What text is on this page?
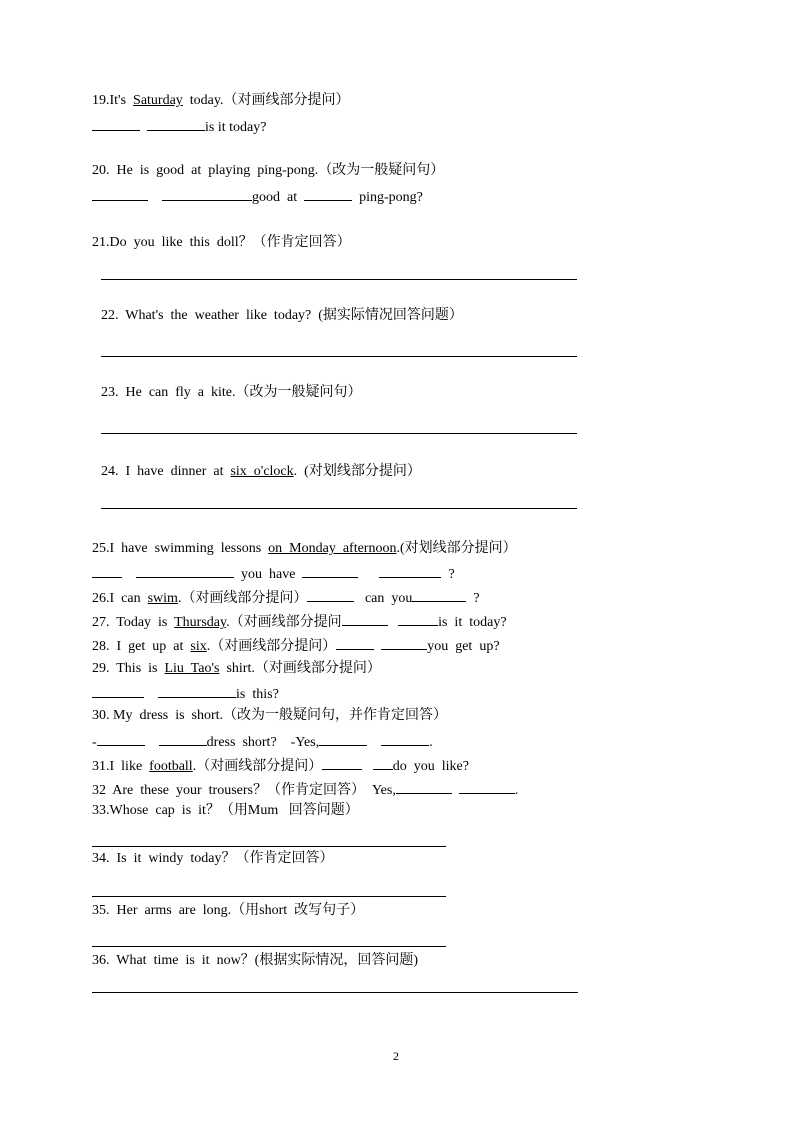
19.It's Saturday today.（对画线部分提问）
is it today?
20.  He  is  good  at  playing  ping-pong.（改为一般疑问句）
good  at	ping-pong?
21.Do  you  like  this  doll？（作肯定回答）
22.  What's  the  weather  like  today?  (据实际情况回答问题）
23.  He  can  fly  a  kite.（改为一般疑问句）
24.  I  have  dinner  at six  o'clock.  (对划线部分提问）
25.I  have  swimming  lessons on  Monday  afternoon.(对划线部分提问）
you  have	?
26.I  can swim.（对画线部分提问）	can  you	?
27.  Today  is Thursday.（对画线部分提问	is  it  today?
28.  I  get  up  at six.（对画线部分提问）	you  get  up?
29.  This  is Liu  Tao's shirt.（对画线部分提问）
is  this?
30. My  dress  is  short.（改为一般疑问句，并作肯定回答）
-	dress  short?    -Yes,	.
31.I  like football.（对画线部分提问）	do  you  like?
32  Are  these  your  trousers？（作肯定回答）  Yes,	.
33.Whose  cap  is  it？（用Mum   回答问题）
34.  Is  it  windy  today？（作肯定回答）
35.  Her  arms  are  long.（用short  改写句子）
36.  What  time  is  it  now？(根据实际情况，回答问题)
2
